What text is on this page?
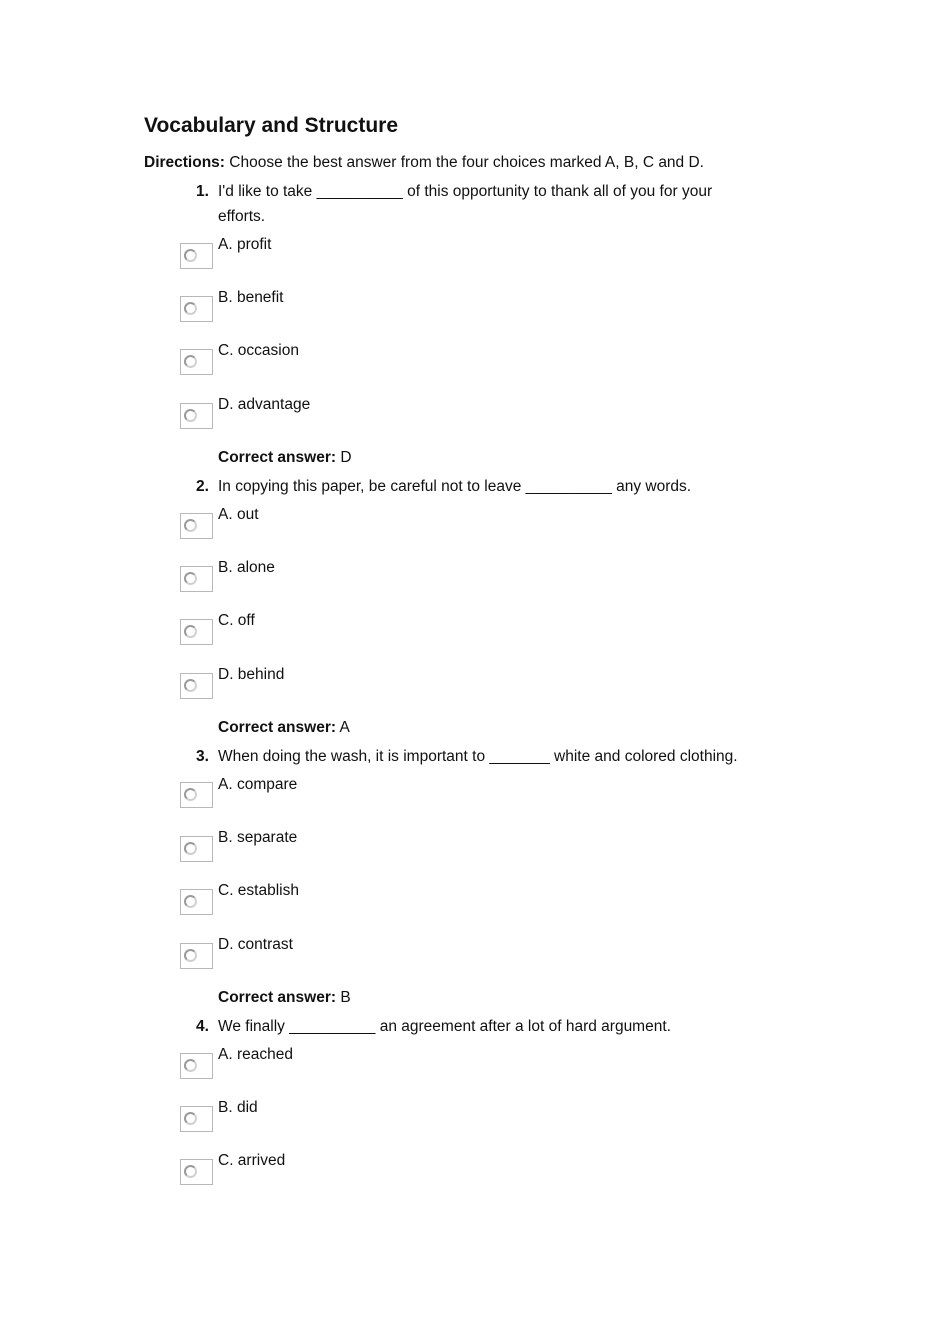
Vocabulary and Structure
Directions: Choose the best answer from the four choices marked A, B, C and D.
1. I'd like to take __________ of this opportunity to thank all of you for your efforts.
A. profit
B. benefit
C. occasion
D. advantage
Correct answer: D
2. In copying this paper, be careful not to leave __________ any words.
A. out
B. alone
C. off
D. behind
Correct answer: A
3. When doing the wash, it is important to _______ white and colored clothing.
A. compare
B. separate
C. establish
D. contrast
Correct answer: B
4. We finally __________ an agreement after a lot of hard argument.
A. reached
B. did
C. arrived
